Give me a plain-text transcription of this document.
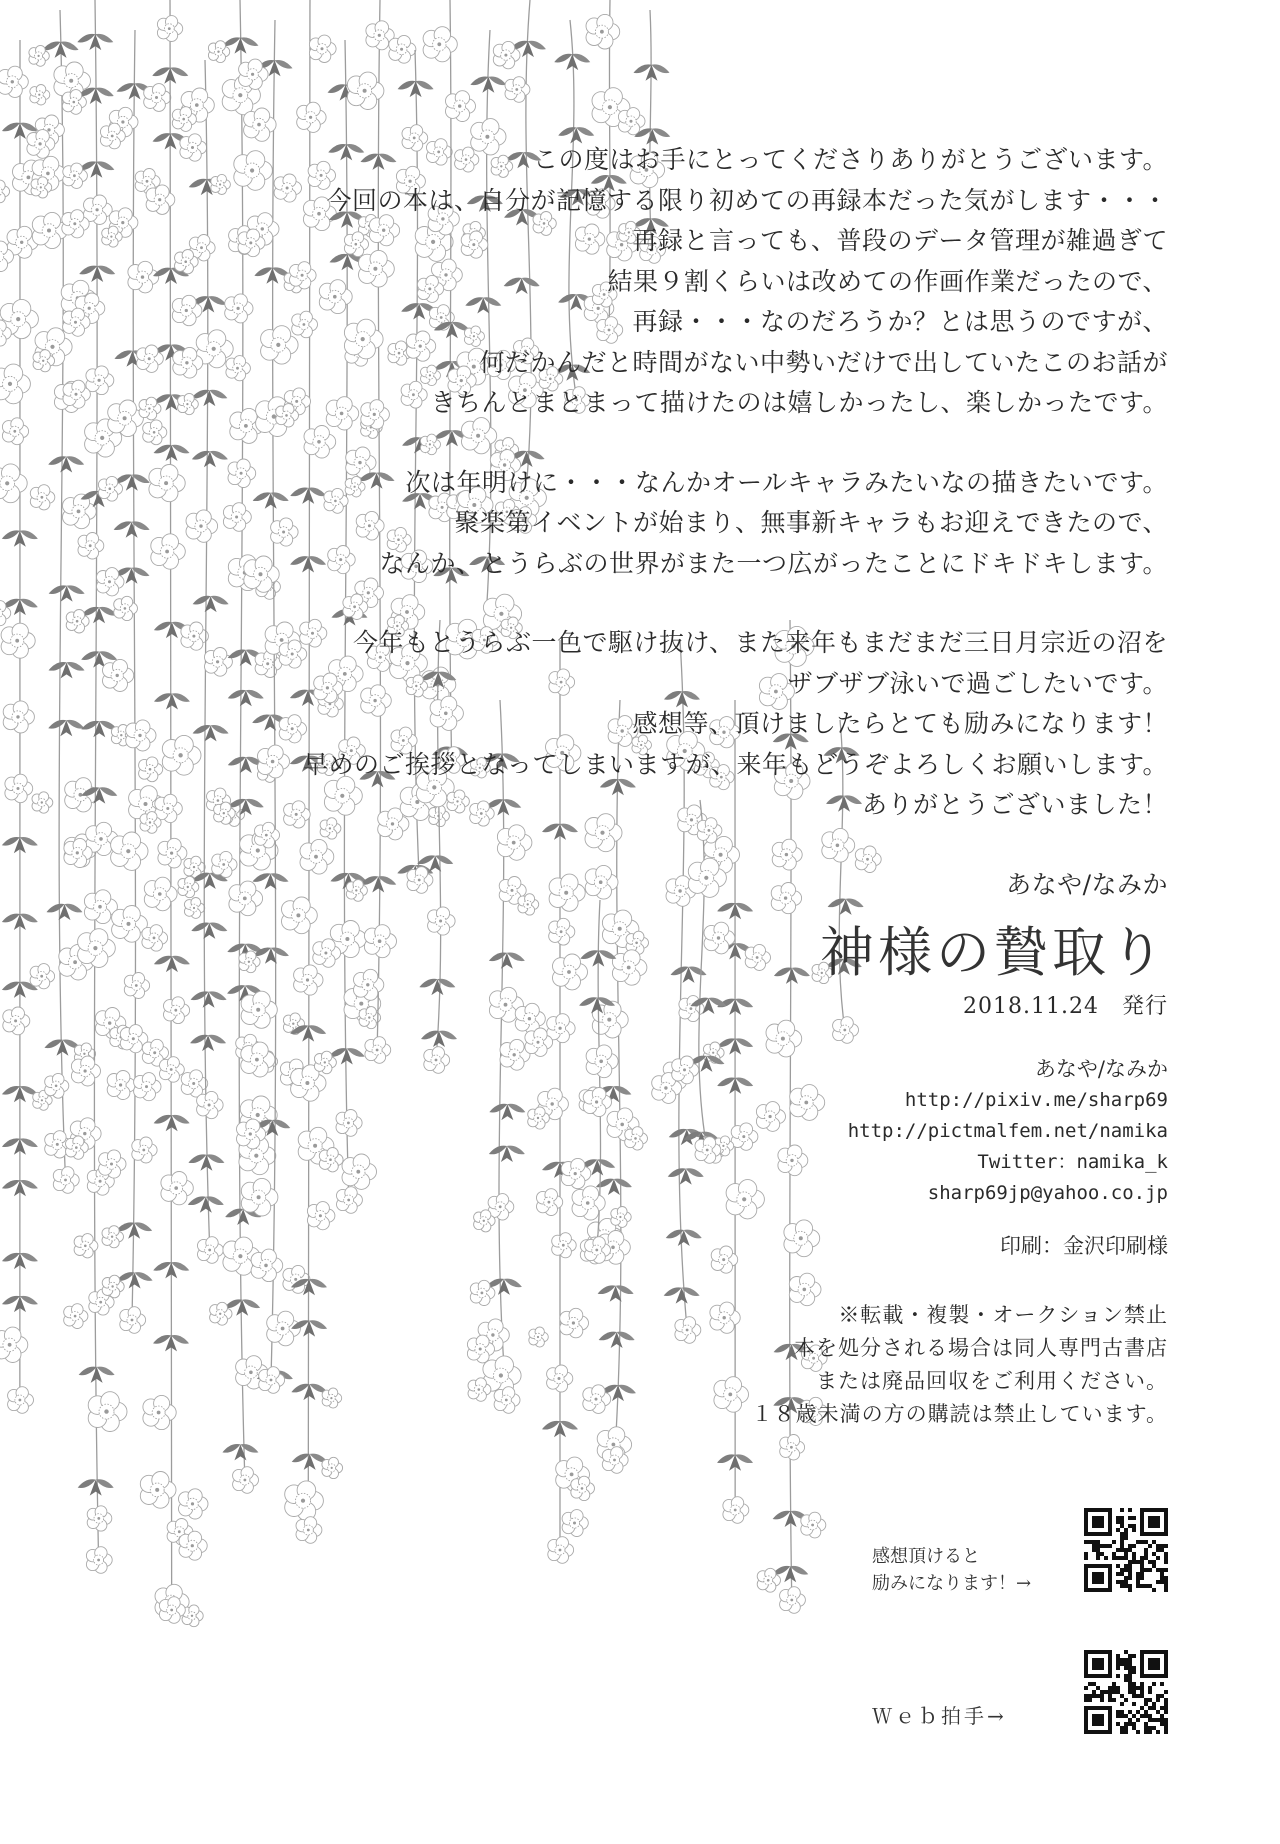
この度はお手にとってくださりありがとうございます。
今回の本は、自分が記憶する限り初めての再録本だった気がします・・・
再録と言っても、普段のデータ管理が雑過ぎて
結果９割くらいは改めての作画作業だったので、
再録・・・なのだろうか？とは思うのですが、
何だかんだと時間がない中勢いだけで出していたこのお話が
きちんとまとまって描けたのは嬉しかったし、楽しかったです。
次は年明けに・・・なんかオールキャラみたいなの描きたいです。
聚楽第イベントが始まり、無事新キャラもお迎えできたので、
なんか、とうらぶの世界がまた一つ広がったことにドキドキします。
今年もとうらぶ一色で駆け抜け、また来年もまだまだ三日月宗近の沼を
ザブザブ泳いで過ごしたいです。
感想等、頂けましたらとても励みになります！
早めのご挨拶となってしまいますが、来年もどうぞよろしくお願いします。
ありがとうございました！
あなや/なみか
神様の贄取り
2018.11.24　発行
あなや/なみか
http://pixiv.me/sharp69
http://pictmalfem.net/namika
Twitter：namika_k
sharp69jp@yahoo.co.jp
印刷：金沢印刷様
※転載・複製・オークション禁止
本を処分される場合は同人専門古書店
または廃品回収をご利用ください。
１８歳未満の方の購読は禁止しています。
感想頂けると
励みになります！→
Ｗｅｂ拍手→
